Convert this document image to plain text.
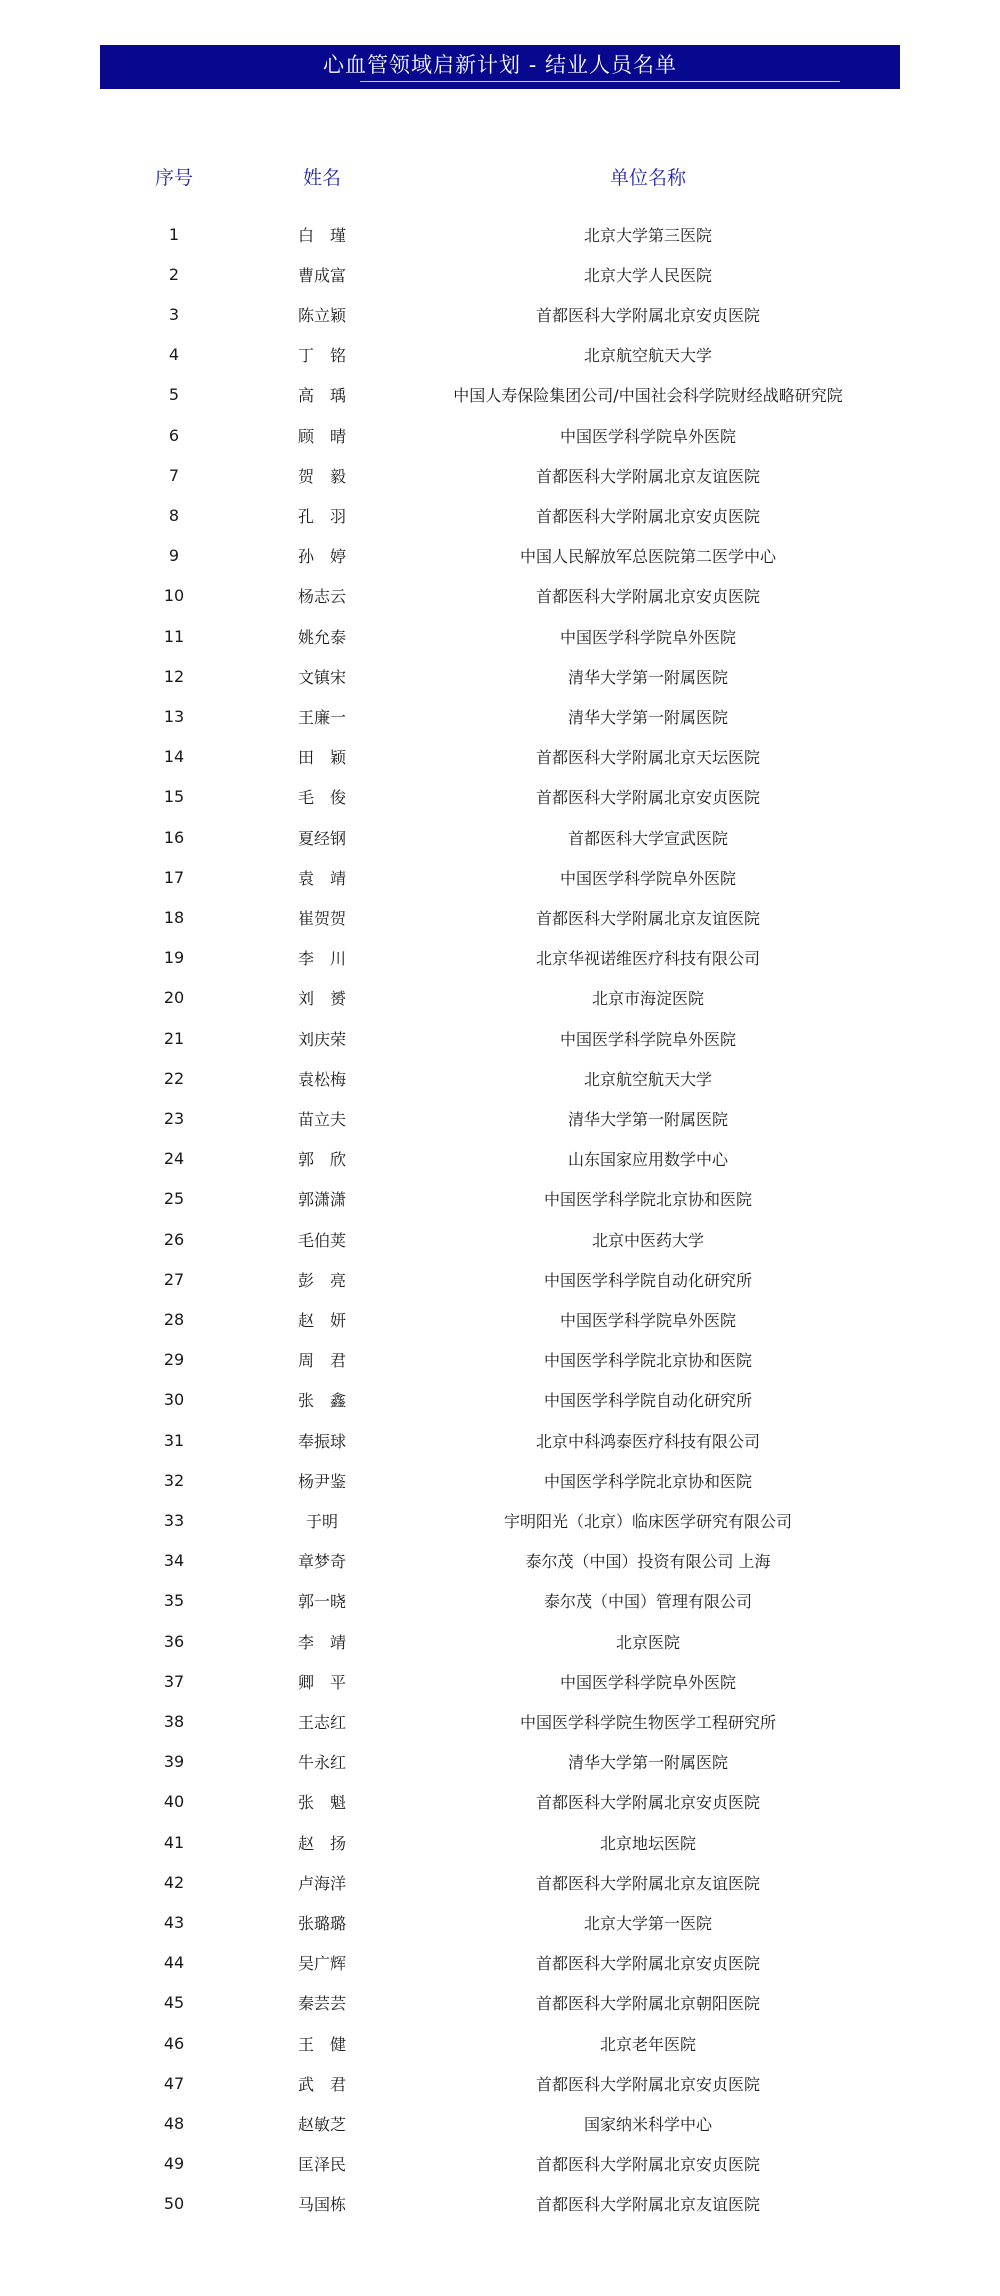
心血管领域启新计划 - 结业人员名单
序号	姓名	单位名称
1	白　瑾	北京大学第三医院
2	曹成富	北京大学人民医院
3	陈立颖	首都医科大学附属北京安贞医院
4	丁　铭	北京航空航天大学
5	高　瑀	中国人寿保险集团公司/中国社会科学院财经战略研究院
6	顾　晴	中国医学科学院阜外医院
7	贺　毅	首都医科大学附属北京友谊医院
8	孔　羽	首都医科大学附属北京安贞医院
9	孙　婷	中国人民解放军总医院第二医学中心
10	杨志云	首都医科大学附属北京安贞医院
11	姚允泰	中国医学科学院阜外医院
12	文镇宋	清华大学第一附属医院
13	王廉一	清华大学第一附属医院
14	田　颖	首都医科大学附属北京天坛医院
15	毛　俊	首都医科大学附属北京安贞医院
16	夏经钢	首都医科大学宣武医院
17	袁　靖	中国医学科学院阜外医院
18	崔贺贺	首都医科大学附属北京友谊医院
19	李　川	北京华视诺维医疗科技有限公司
20	刘　赟	北京市海淀医院
21	刘庆荣	中国医学科学院阜外医院
22	袁松梅	北京航空航天大学
23	苗立夫	清华大学第一附属医院
24	郭　欣	山东国家应用数学中心
25	郭潇潇	中国医学科学院北京协和医院
26	毛伯荚	北京中医药大学
27	彭　亮	中国医学科学院自动化研究所
28	赵　妍	中国医学科学院阜外医院
29	周　君	中国医学科学院北京协和医院
30	张　鑫	中国医学科学院自动化研究所
31	奉振球	北京中科鸿泰医疗科技有限公司
32	杨尹鉴	中国医学科学院北京协和医院
33	于明	宇明阳光（北京）临床医学研究有限公司
34	章梦奇	泰尔茂（中国）投资有限公司 上海
35	郭一晓	泰尔茂（中国）管理有限公司
36	李　靖	北京医院
37	卿　平	中国医学科学院阜外医院
38	王志红	中国医学科学院生物医学工程研究所
39	牛永红	清华大学第一附属医院
40	张　魁	首都医科大学附属北京安贞医院
41	赵　扬	北京地坛医院
42	卢海洋	首都医科大学附属北京友谊医院
43	张璐璐	北京大学第一医院
44	吴广辉	首都医科大学附属北京安贞医院
45	秦芸芸	首都医科大学附属北京朝阳医院
46	王　健	北京老年医院
47	武　君	首都医科大学附属北京安贞医院
48	赵敏芝	国家纳米科学中心
49	匡泽民	首都医科大学附属北京安贞医院
50	马国栋	首都医科大学附属北京友谊医院
